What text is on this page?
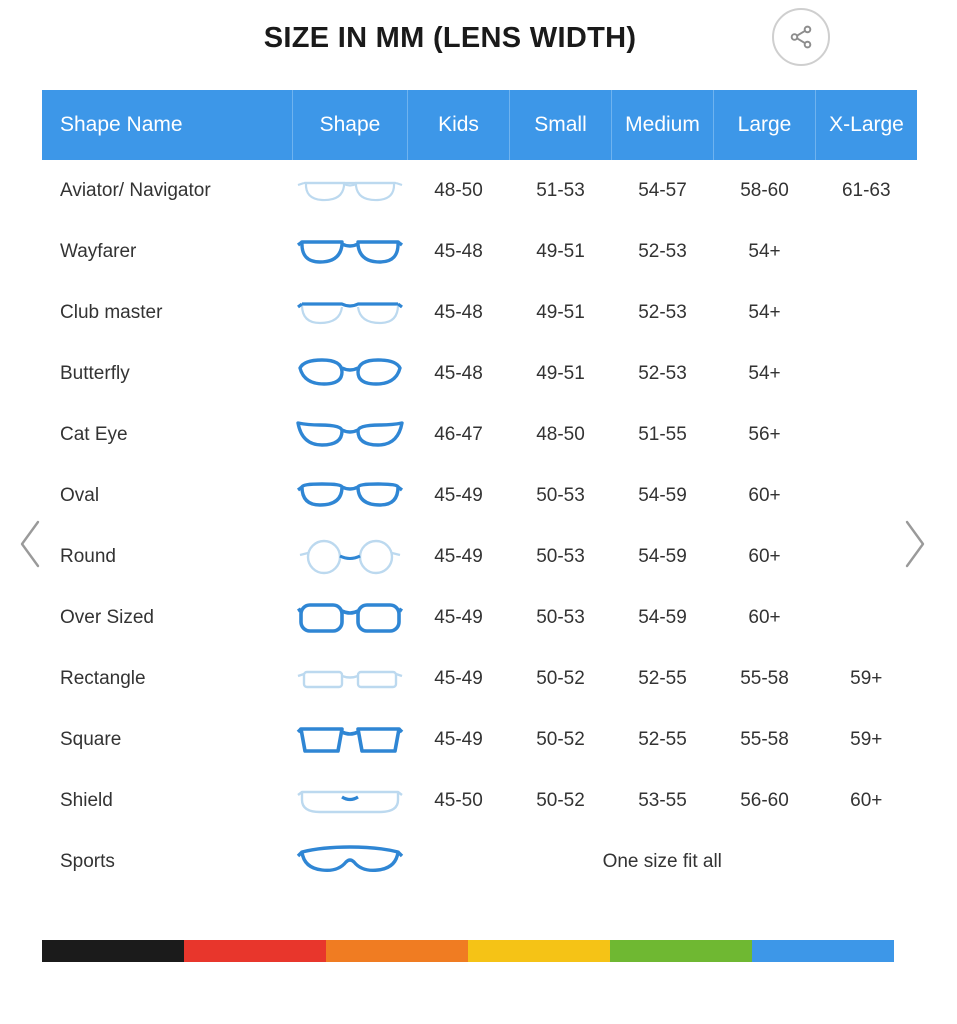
SIZE IN MM (LENS WIDTH)
Shape Name	Shape	Kids	Small	Medium	Large	X-Large
Aviator/ Navigator		48-50	51-53	54-57	58-60	61-63
Wayfarer		45-48	49-51	52-53	54+	
Club master		45-48	49-51	52-53	54+	
Butterfly		45-48	49-51	52-53	54+	
Cat Eye		46-47	48-50	51-55	56+	
Oval		45-49	50-53	54-59	60+	
Round		45-49	50-53	54-59	60+	
Over Sized		45-49	50-53	54-59	60+	
Rectangle		45-49	50-52	52-55	55-58	59+
Square		45-49	50-52	52-55	55-58	59+
Shield		45-50	50-52	53-55	56-60	60+
Sports		One size fit all				
